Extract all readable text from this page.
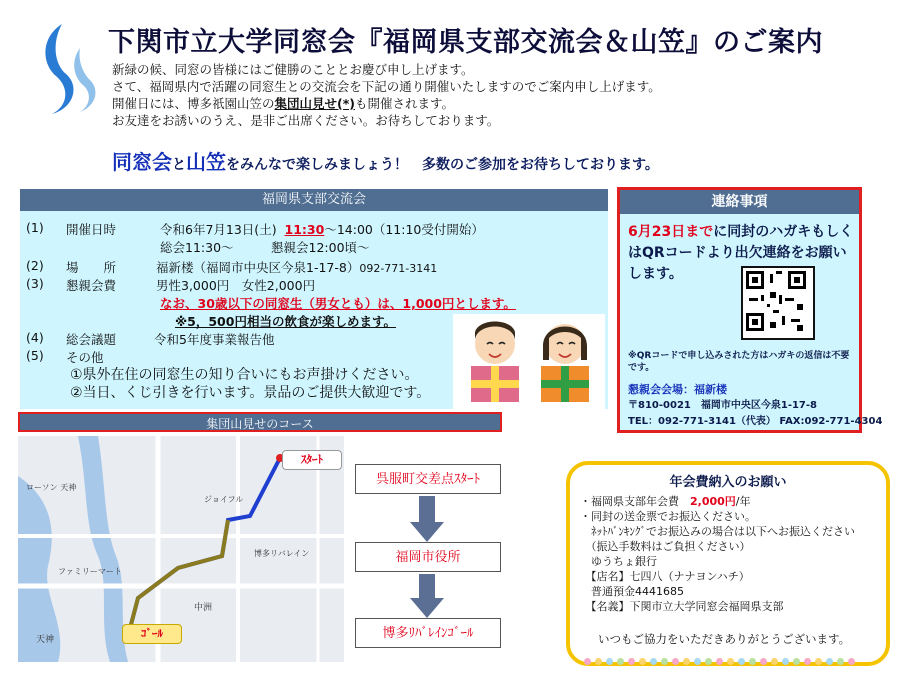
下関市立大学同窓会『福岡県支部交流会＆山笠』のご案内
新緑の候、同窓の皆様にはご健勝のこととお慶び申し上げます。
さて、福岡県内で活躍の同窓生との交流会を下記の通り開催いたしますのでご案内申し上げます。
開催日には、博多祇園山笠の集団山見せ(*)も開催されます。
お友達をお誘いのうえ、是非ご出席ください。お待ちしております。
同窓会と山笠をみんなで楽しみましょう！　多数のご参加をお待ちしております。
福岡県支部交流会
(1) 開催日時	令和6年7月13日(土) 11:30～14:00（11:10受付開始）
総会11:30～　　　懇親会12:00頃～
(2) 場　　所	福新楼（福岡市中央区今泉1-17-8）092-771-3141
(3) 懇親会費	男性3,000円　女性2,000円
なお、30歳以下の同窓生（男女とも）は、1,000円とします。
※5，500円相当の飲食が楽しめます。
(4) 総会議題	令和5年度事業報告他
(5) その他
①県外在住の同窓生の知り合いにもお声掛けください。
②当日、くじ引きを行います。景品のご提供大歓迎です。
連絡事項
6月23日までに同封のハガキもしくはQRコードより出欠連絡をお願いします。
※QRコードで申し込みされた方はハガキの返信は不要です。
懇親会会場：福新楼
〒810-0021　福岡市中央区今泉1-17-8
TEL：092-771-3141（代表） FAX:092-771-4304
集団山見せのコース
ファミリーマート
ローソン 天神
博多リバレイン
中洲
天神
ジョイフル
ｽﾀｰﾄ
ｺﾞｰﾙ
呉服町交差点ｽﾀｰﾄ
福岡市役所
博多ﾘﾊﾞﾚｲﾝｺﾞｰﾙ
年会費納入のお願い
・福岡県支部年会費　2,000円/年
・同封の送金票でお振込ください。
　ﾈｯﾄﾊﾞﾝｷﾝｸﾞでお振込みの場合は以下へお振込ください
　（振込手数料はご負担ください）
　ゆうちょ銀行
　【店名】七四八（ナナヨンハチ）
　普通預金4441685
　【名義】下関市立大学同窓会福岡県支部
いつもご協力をいただきありがとうございます。
